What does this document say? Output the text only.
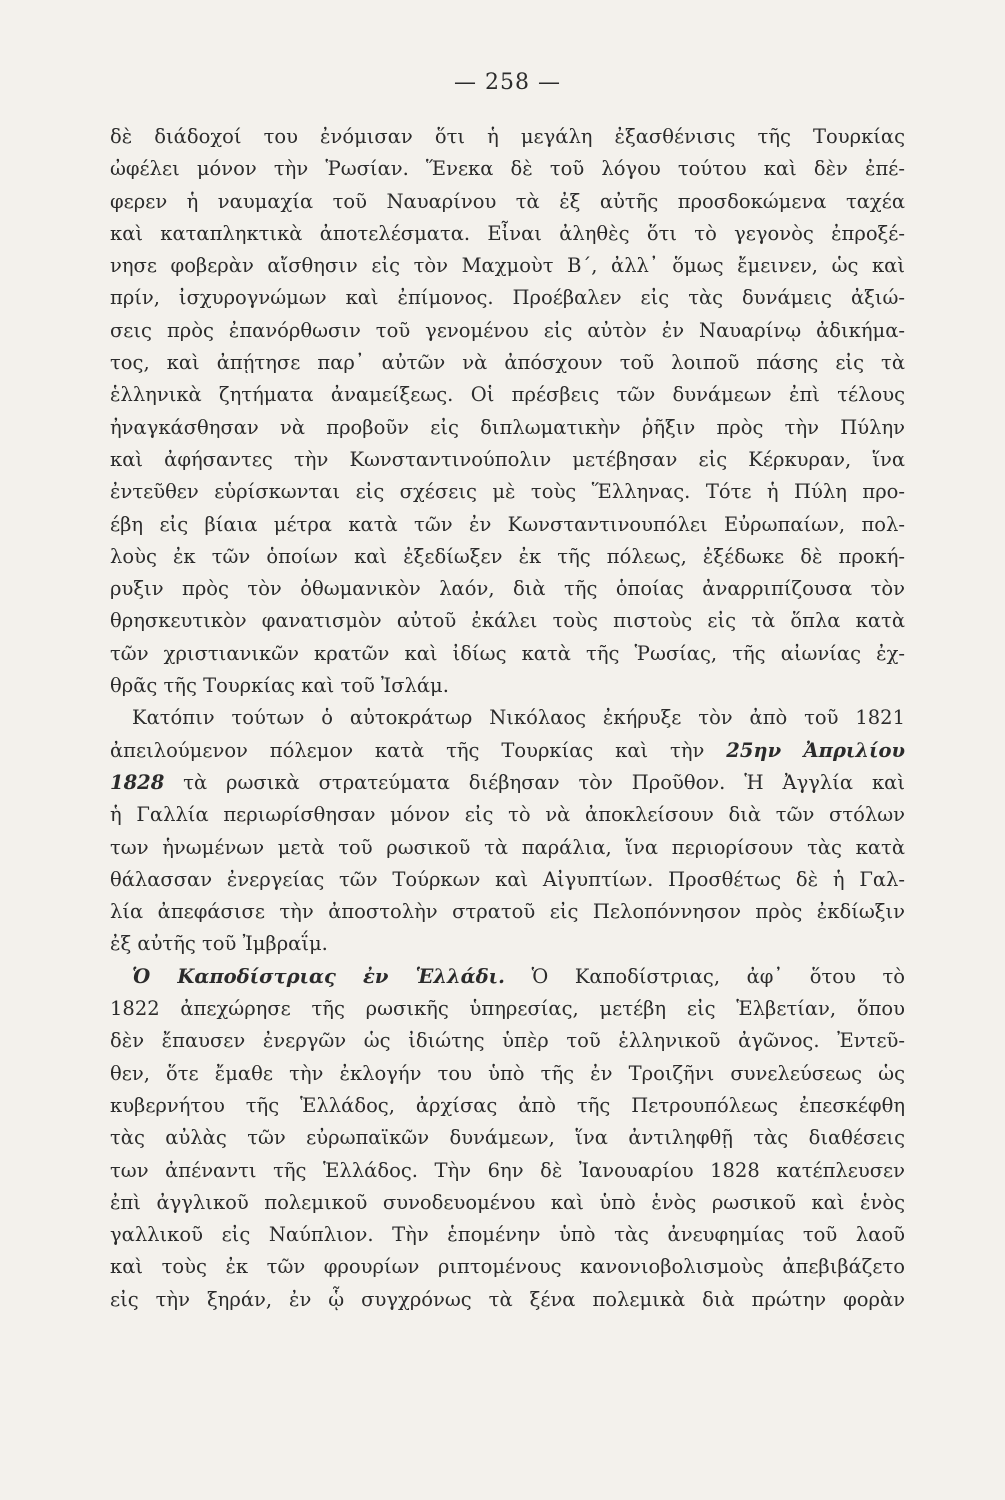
— 258 —
δὲ διάδοχοί του ἐνόμισαν ὅτι ἡ μεγάλη ἐξασθένισις τῆς Τουρκίας
ὠφέλει μόνον τὴν Ῥωσίαν. Ἕνεκα δὲ τοῦ λόγου τούτου καὶ δὲν ἐπέ-
φερεν ἡ ναυμαχία τοῦ Ναυαρίνου τὰ ἐξ αὐτῆς προσδοκώμενα ταχέα
καὶ καταπληκτικὰ ἀποτελέσματα. Εἶναι ἀληθὲς ὅτι τὸ γεγονὸς ἐπροξέ-
νησε φοβερὰν αἴσθησιν εἰς τὸν Μαχμοὺτ Β΄, ἀλλ᾽ ὅμως ἔμεινεν, ὡς καὶ
πρίν, ἰσχυρογνώμων καὶ ἐπίμονος. Προέβαλεν εἰς τὰς δυνάμεις ἀξιώ-
σεις πρὸς ἐπανόρθωσιν τοῦ γενομένου εἰς αὐτὸν ἐν Ναυαρίνῳ ἀδικήμα-
τος, καὶ ἀπῄτησε παρ᾽ αὐτῶν νὰ ἀπόσχουν τοῦ λοιποῦ πάσης εἰς τὰ
ἑλληνικὰ ζητήματα ἀναμείξεως. Οἱ πρέσβεις τῶν δυνάμεων ἐπὶ τέλους
ἠναγκάσθησαν νὰ προβοῦν εἰς διπλωματικὴν ῥῆξιν πρὸς τὴν Πύλην
καὶ ἀφήσαντες τὴν Κωνσταντινούπολιν μετέβησαν εἰς Κέρκυραν, ἵνα
ἐντεῦθεν εὑρίσκωνται εἰς σχέσεις μὲ τοὺς Ἕλληνας. Τότε ἡ Πύλη προ-
έβη εἰς βίαια μέτρα κατὰ τῶν ἐν Κωνσταντινουπόλει Εὐρωπαίων, πολ-
λοὺς ἐκ τῶν ὁποίων καὶ ἐξεδίωξεν ἐκ τῆς πόλεως, ἐξέδωκε δὲ προκή-
ρυξιν πρὸς τὸν ὀθωμανικὸν λαόν, διὰ τῆς ὁποίας ἀναρριπίζουσα τὸν
θρησκευτικὸν φανατισμὸν αὐτοῦ ἐκάλει τοὺς πιστοὺς εἰς τὰ ὅπλα κατὰ
τῶν χριστιανικῶν κρατῶν καὶ ἰδίως κατὰ τῆς Ῥωσίας, τῆς αἰωνίας ἐχ-
θρᾶς τῆς Τουρκίας καὶ τοῦ Ἰσλάμ.
Κατόπιν τούτων ὁ αὐτοκράτωρ Νικόλαος ἐκήρυξε τὸν ἀπὸ τοῦ 1821
ἀπειλούμενον πόλεμον κατὰ τῆς Τουρκίας καὶ τὴν 25ην Ἀπριλίου
1828 τὰ ρωσικὰ στρατεύματα διέβησαν τὸν Προῦθον. Ἡ Ἀγγλία καὶ
ἡ Γαλλία περιωρίσθησαν μόνον εἰς τὸ νὰ ἀποκλείσουν διὰ τῶν στόλων
των ἡνωμένων μετὰ τοῦ ρωσικοῦ τὰ παράλια, ἵνα περιορίσουν τὰς κατὰ
θάλασσαν ἐνεργείας τῶν Τούρκων καὶ Αἰγυπτίων. Προσθέτως δὲ ἡ Γαλ-
λία ἀπεφάσισε τὴν ἀποστολὴν στρατοῦ εἰς Πελοπόννησον πρὸς ἐκδίωξιν
ἐξ αὐτῆς τοῦ Ἰμβραΐμ.
Ὁ Καποδίστριας ἐν Ἑλλάδι. Ὁ Καποδίστριας, ἀφ᾽ ὅτου τὸ
1822 ἀπεχώρησε τῆς ρωσικῆς ὑπηρεσίας, μετέβη εἰς Ἑλβετίαν, ὅπου
δὲν ἔπαυσεν ἐνεργῶν ὡς ἰδιώτης ὑπὲρ τοῦ ἑλληνικοῦ ἀγῶνος. Ἐντεῦ-
θεν, ὅτε ἔμαθε τὴν ἐκλογήν του ὑπὸ τῆς ἐν Τροιζῆνι συνελεύσεως ὡς
κυβερνήτου τῆς Ἑλλάδος, ἀρχίσας ἀπὸ τῆς Πετρουπόλεως ἐπεσκέφθη
τὰς αὐλὰς τῶν εὐρωπαϊκῶν δυνάμεων, ἵνα ἀντιληφθῇ τὰς διαθέσεις
των ἀπέναντι τῆς Ἑλλάδος. Τὴν 6ην δὲ Ἰανουαρίου 1828 κατέπλευσεν
ἐπὶ ἀγγλικοῦ πολεμικοῦ συνοδευομένου καὶ ὑπὸ ἑνὸς ρωσικοῦ καὶ ἑνὸς
γαλλικοῦ εἰς Ναύπλιον. Τὴν ἑπομένην ὑπὸ τὰς ἀνευφημίας τοῦ λαοῦ
καὶ τοὺς ἐκ τῶν φρουρίων ριπτομένους κανονιοβολισμοὺς ἀπεβιβάζετο
εἰς τὴν ξηράν, ἐν ᾧ συγχρόνως τὰ ξένα πολεμικὰ διὰ πρώτην φορὰν
